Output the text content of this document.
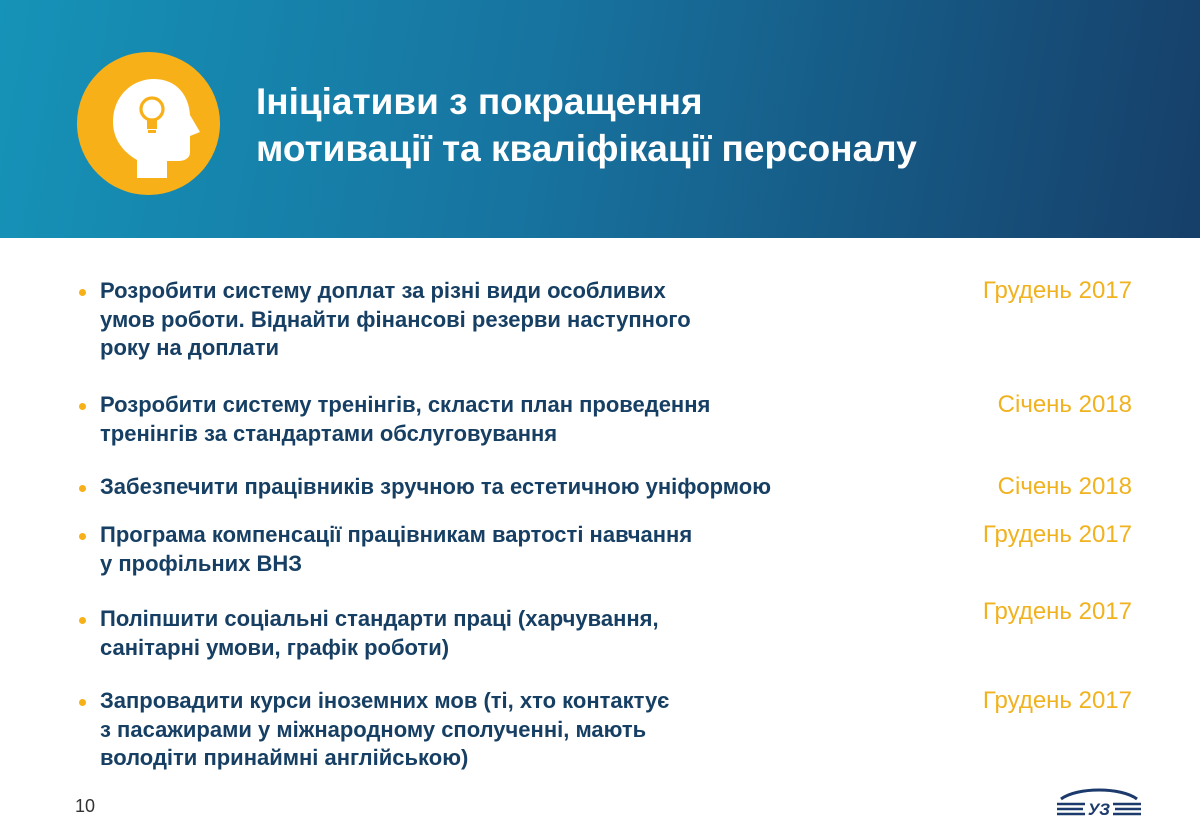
Ініціативи з покращення
мотивації та кваліфікації персоналу
Розробити систему доплат за різні види особливих
умов роботи. Віднайти фінансові резерви наступного
року на доплати
Грудень 2017
Розробити систему тренінгів, скласти план проведення
тренінгів за стандартами обслуговування
Січень 2018
Забезпечити працівників зручною та естетичною уніформою	Січень 2018
Програма компенсації працівникам вартості навчання
у профільних ВНЗ
Грудень 2017
Поліпшити соціальні стандарти праці (харчування,
санітарні умови, графік роботи)
Грудень 2017
Запровадити курси іноземних мов (ті, хто контактує
з пасажирами у міжнародному сполученні, мають
володіти принаймні англійською)
Грудень 2017
10	УЗ
